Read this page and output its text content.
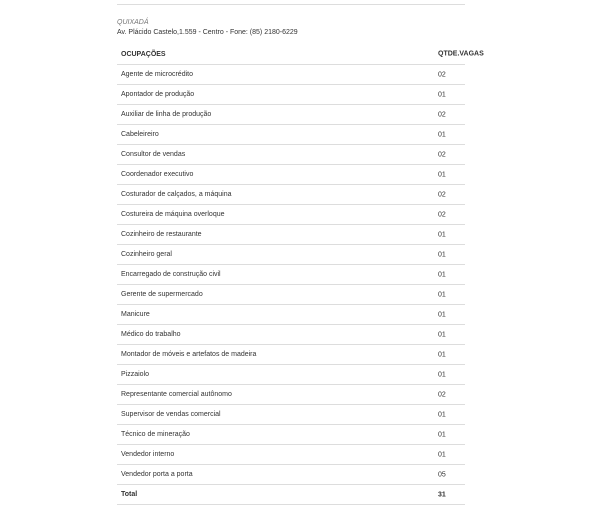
QUIXADÁ
Av. Plácido Castelo,1.559 - Centro - Fone: (85) 2180-6229
OCUPAÇÕES	QTDE.VAGAS

Agente de microcrédito	02

Apontador de produção	01

Auxiliar de linha de produção	02

Cabeleireiro	01

Consultor de vendas	02

Coordenador executivo	01

Costurador de calçados, a máquina	02

Costureira de máquina overloque	02

Cozinheiro de restaurante	01

Cozinheiro geral	01

Encarregado de construção civil	01

Gerente de supermercado	01

Manicure	01

Médico do trabalho	01

Montador de móveis e artefatos de madeira	01

Pizzaiolo	01

Representante comercial autônomo	02

Supervisor de vendas comercial	01

Técnico de mineração	01

Vendedor interno	01

Vendedor porta a porta	05

Total	31
